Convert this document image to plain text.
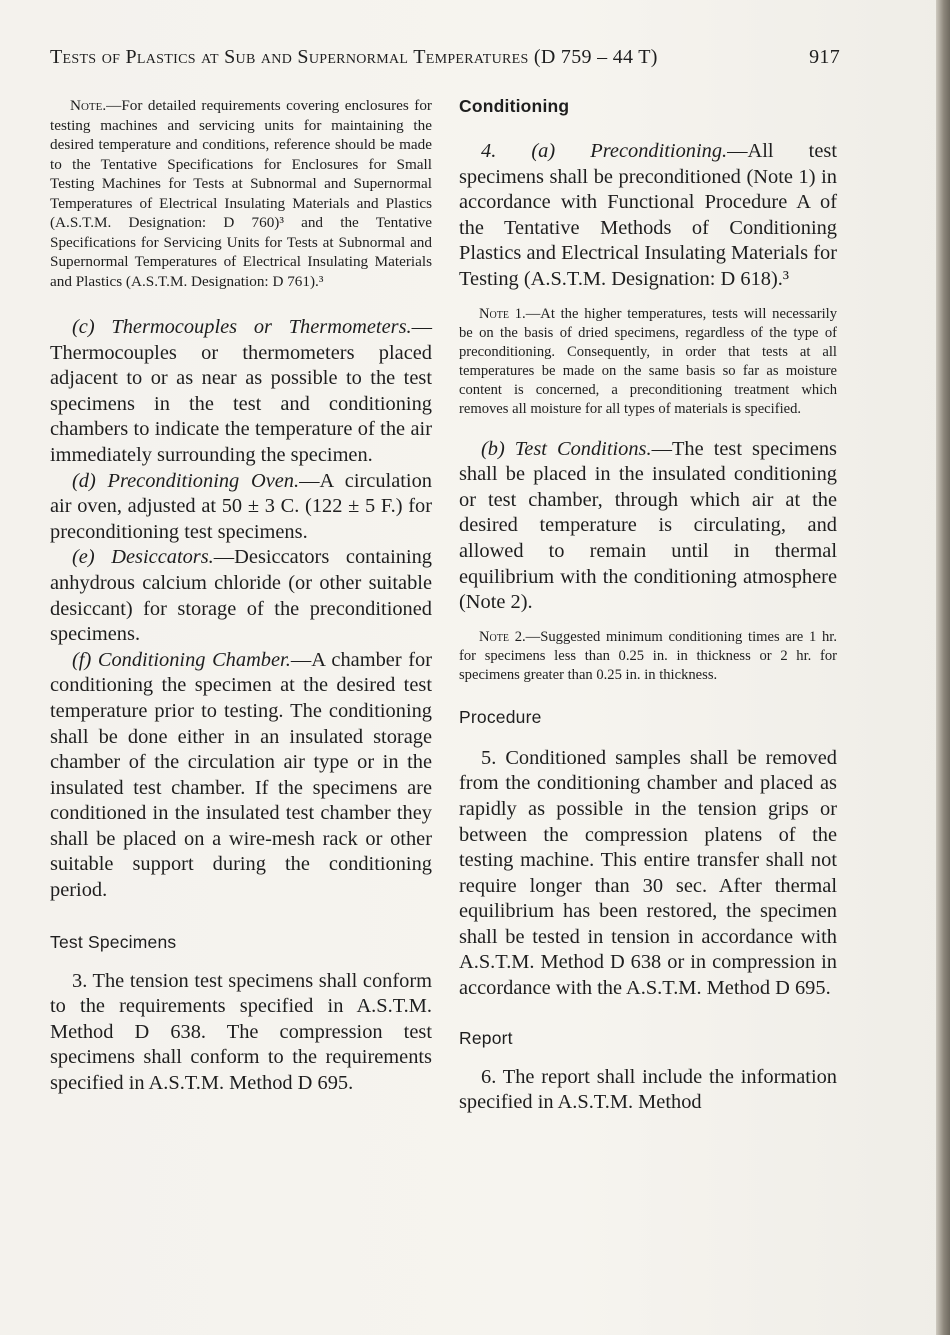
Tests of Plastics at Sub and Supernormal Temperatures (D 759 – 44 T)	917

Note.—For detailed requirements covering enclosures for testing machines and servicing units for maintaining the desired temperature and conditions, reference should be made to the Tentative Specifications for Enclosures for Small Testing Machines for Tests at Subnormal and Supernormal Temperatures of Electrical Insulating Materials and Plastics (A.S.T.M. Designation: D 760)³ and the Tentative Specifications for Servicing Units for Tests at Subnormal and Supernormal Temperatures of Electrical Insulating Materials and Plastics (A.S.T.M. Designation: D 761).³

(c) Thermocouples or Thermometers.—Thermocouples or thermometers placed adjacent to or as near as possible to the test specimens in the test and conditioning chambers to indicate the temperature of the air immediately surrounding the specimen.

(d) Preconditioning Oven.—A circulation air oven, adjusted at 50 ± 3 C. (122 ± 5 F.) for preconditioning test specimens.

(e) Desiccators.—Desiccators containing anhydrous calcium chloride (or other suitable desiccant) for storage of the preconditioned specimens.

(f) Conditioning Chamber.—A chamber for conditioning the specimen at the desired test temperature prior to testing. The conditioning shall be done either in an insulated storage chamber of the circulation air type or in the insulated test chamber. If the specimens are conditioned in the insulated test chamber they shall be placed on a wire-mesh rack or other suitable support during the conditioning period.

Test Specimens

3. The tension test specimens shall conform to the requirements specified in A.S.T.M. Method D 638. The compression test specimens shall conform to the requirements specified in A.S.T.M. Method D 695.

Conditioning

4. (a) Preconditioning.—All test specimens shall be preconditioned (Note 1) in accordance with Functional Procedure A of the Tentative Methods of Conditioning Plastics and Electrical Insulating Materials for Testing (A.S.T.M. Designation: D 618).³

Note 1.—At the higher temperatures, tests will necessarily be on the basis of dried specimens, regardless of the type of preconditioning. Consequently, in order that tests at all temperatures be made on the same basis so far as moisture content is concerned, a preconditioning treatment which removes all moisture for all types of materials is specified.

(b) Test Conditions.—The test specimens shall be placed in the insulated conditioning or test chamber, through which air at the desired temperature is circulating, and allowed to remain until in thermal equilibrium with the conditioning atmosphere (Note 2).

Note 2.—Suggested minimum conditioning times are 1 hr. for specimens less than 0.25 in. in thickness or 2 hr. for specimens greater than 0.25 in. in thickness.

Procedure

5. Conditioned samples shall be removed from the conditioning chamber and placed as rapidly as possible in the tension grips or between the compression platens of the testing machine. This entire transfer shall not require longer than 30 sec. After thermal equilibrium has been restored, the specimen shall be tested in tension in accordance with A.S.T.M. Method D 638 or in compression in accordance with the A.S.T.M. Method D 695.

Report

6. The report shall include the information specified in A.S.T.M. Method
